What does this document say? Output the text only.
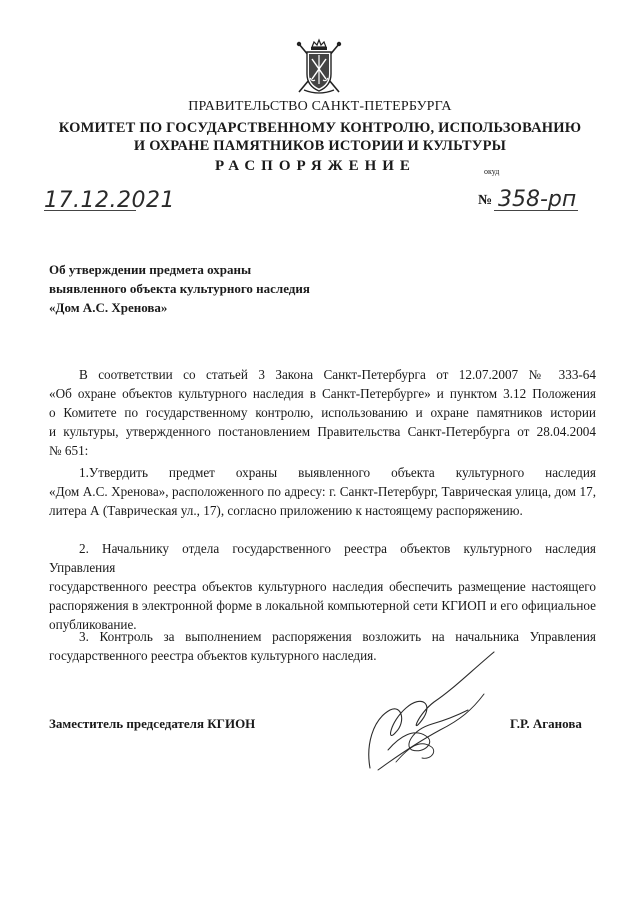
ПРАВИТЕЛЬСТВО САНКТ-ПЕТЕРБУРГА
КОМИТЕТ ПО ГОСУДАРСТВЕННОМУ КОНТРОЛЮ, ИСПОЛЬЗОВАНИЮ
И ОХРАНЕ ПАМЯТНИКОВ ИСТОРИИ И КУЛЬТУРЫ
РАСПОРЯЖЕНИЕ	окуд
17.12.2021	№ 358-рп
Об утверждении предмета охраны
выявленного объекта культурного наследия
«Дом А.С. Хренова»

В соответствии со статьей 3 Закона Санкт-Петербурга от 12.07.2007 № 333-64

«Об охране объектов культурного наследия в Санкт-Петербурге» и пунктом 3.12 Положения

о Комитете по государственному контролю, использованию и охране памятников истории

и культуры, утвержденного постановлением Правительства Санкт-Петербурга от 28.04.2004

№ 651:

1.Утвердить предмет охраны выявленного объекта культурного наследия

«Дом А.С. Хренова», расположенного по адресу: г. Санкт-Петербург, Таврическая улица, дом 17,

литера А (Таврическая ул., 17), согласно приложению к настоящему распоряжению.

2. Начальнику отдела государственного реестра объектов культурного наследия Управления

государственного реестра объектов культурного наследия обеспечить размещение настоящего

распоряжения в электронной форме в локальной компьютерной сети КГИОП и его официальное

опубликование.

3. Контроль за выполнением распоряжения возложить на начальника Управления

государственного реестра объектов культурного наследия.

Заместитель председателя КГИОН	Г.Р. Аганова
